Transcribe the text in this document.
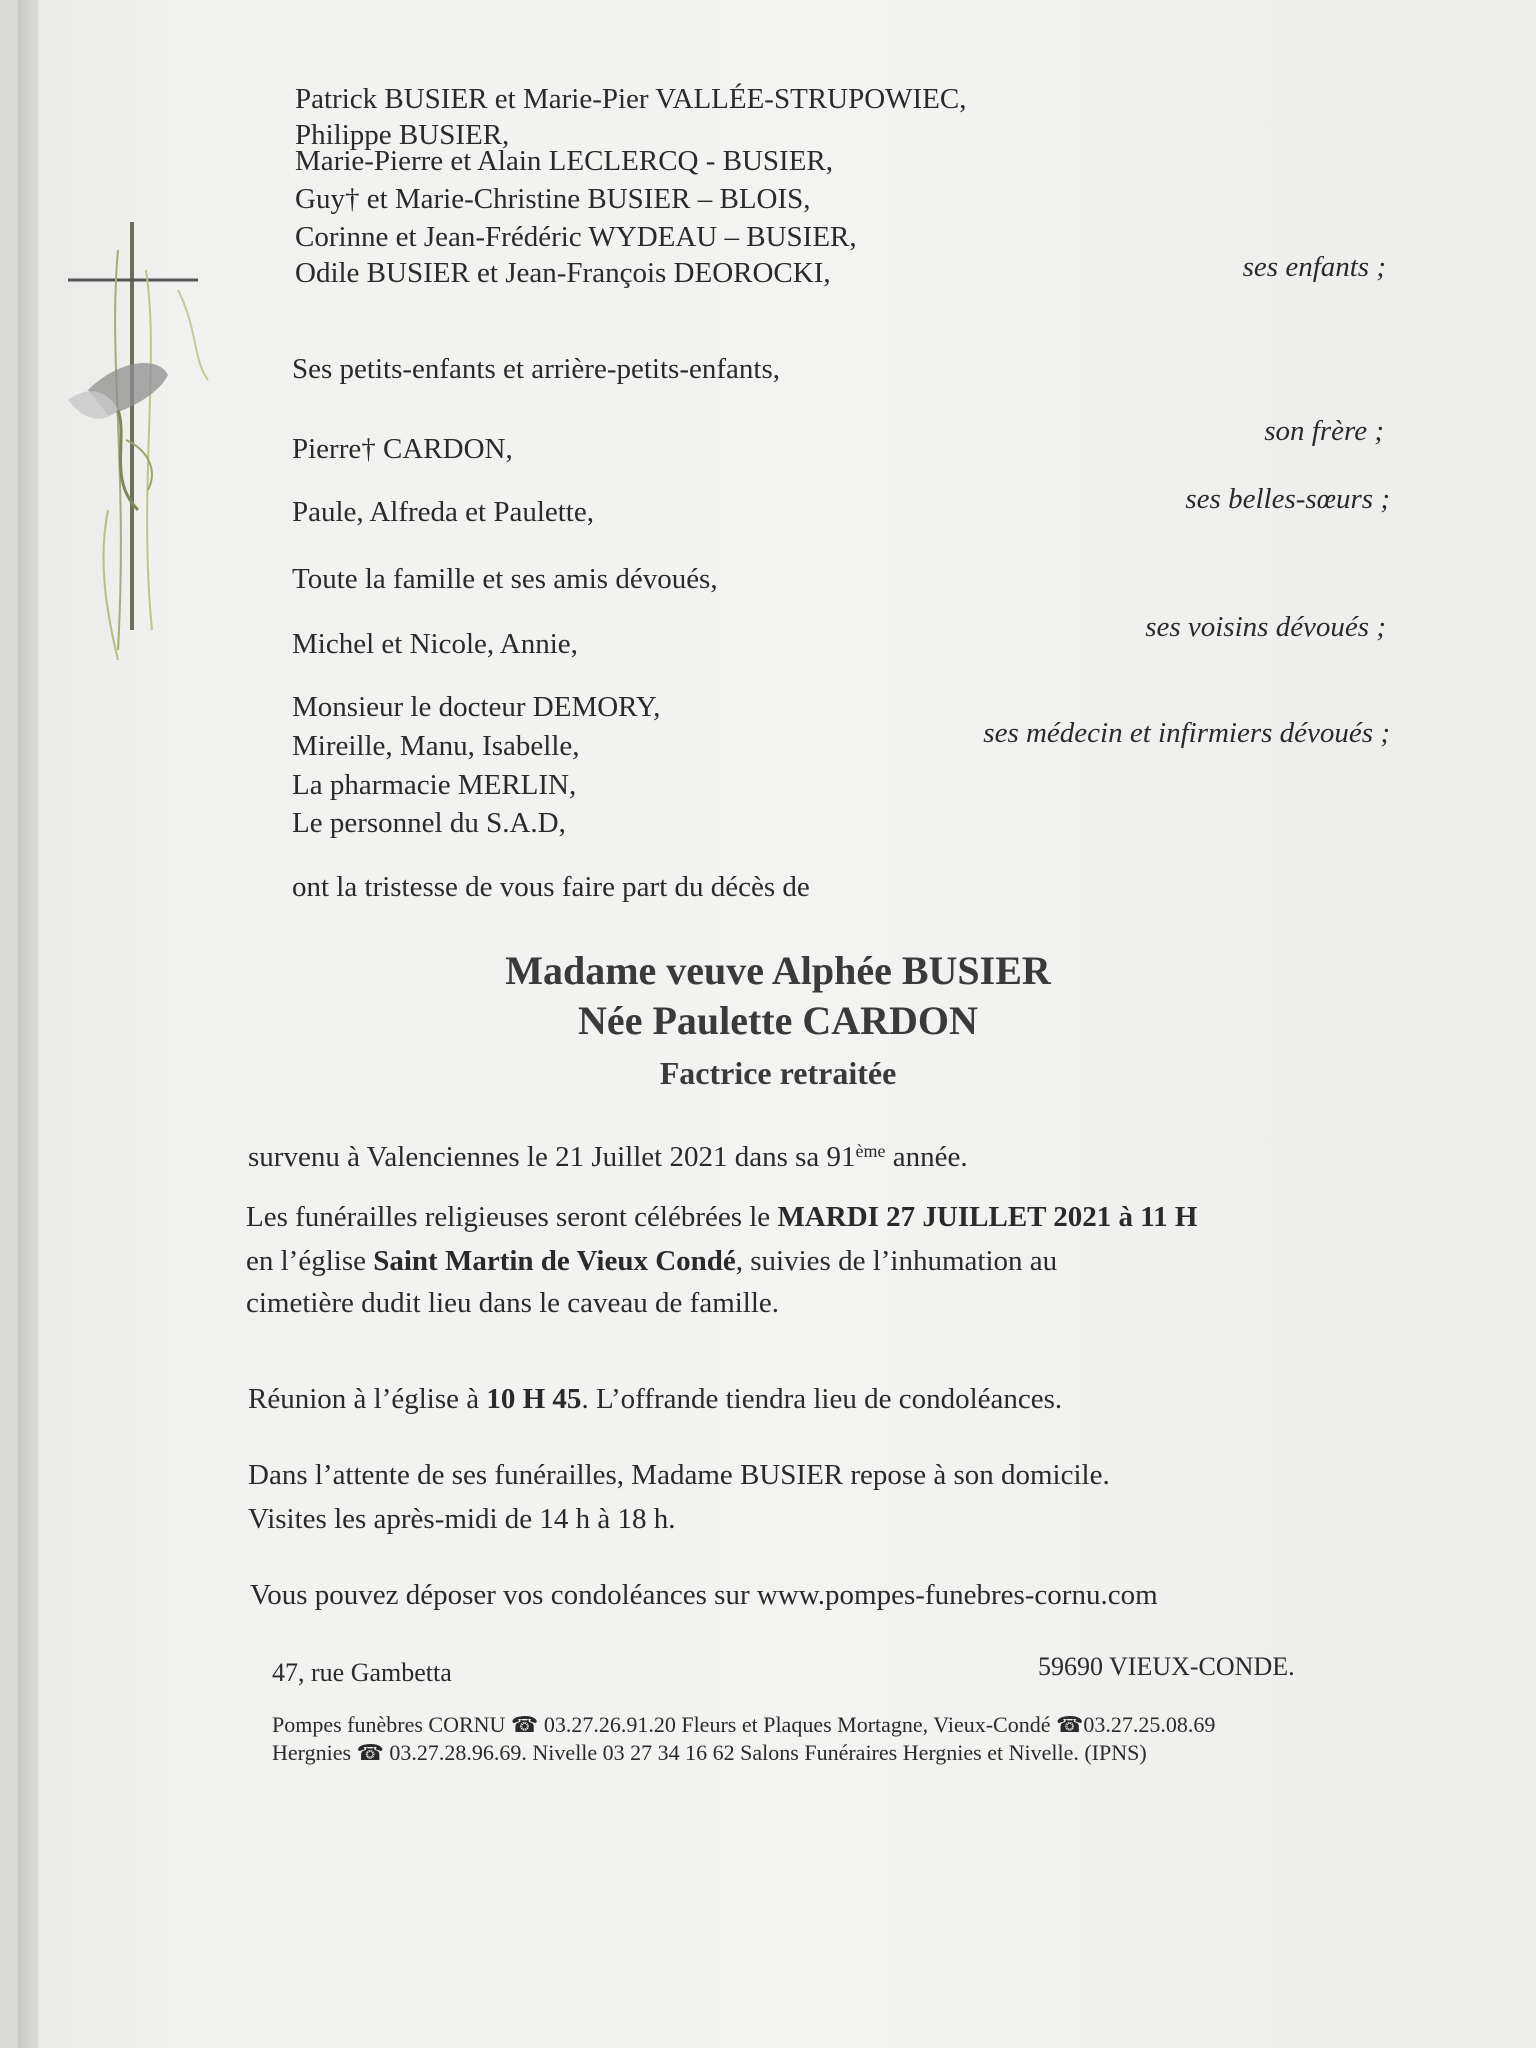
Patrick BUSIER et Marie-Pier VALLÉE-STRUPOWIEC,
Philippe BUSIER,
Marie-Pierre et Alain LECLERCQ - BUSIER,
Guy† et Marie-Christine BUSIER – BLOIS,
Corinne et Jean-Frédéric WYDEAU – BUSIER,
Odile BUSIER et Jean-François DEOROCKI,	ses enfants ;
Ses petits-enfants et arrière-petits-enfants,
Pierre† CARDON,
son frère ;
Paule, Alfreda et Paulette,	ses belles-sœurs ;
Toute la famille et ses amis dévoués,
Michel et Nicole, Annie,
ses voisins dévoués ;
Monsieur le docteur DEMORY,
Mireille, Manu, Isabelle,
La pharmacie MERLIN,
Le personnel du S.A.D,
ses médecin et infirmiers dévoués ;
ont la tristesse de vous faire part du décès de
Madame veuve Alphée BUSIER
Née Paulette CARDON
Factrice retraitée
survenu à Valenciennes le 21 Juillet 2021 dans sa 91ème année.
Les funérailles religieuses seront célébrées le MARDI 27 JUILLET 2021 à 11 H
en l’église Saint Martin de Vieux Condé, suivies de l’inhumation au
cimetière dudit lieu dans le caveau de famille.
Réunion à l’église à 10 H 45. L’offrande tiendra lieu de condoléances.
Dans l’attente de ses funérailles, Madame BUSIER repose à son domicile.
Visites les après-midi de 14 h à 18 h.
Vous pouvez déposer vos condoléances sur www.pompes-funebres-cornu.com
47, rue Gambetta	59690 VIEUX-CONDE.
Pompes funèbres CORNU ☎ 03.27.26.91.20 Fleurs et Plaques Mortagne, Vieux-Condé ☎03.27.25.08.69
Hergnies ☎ 03.27.28.96.69. Nivelle 03 27 34 16 62 Salons Funéraires Hergnies et Nivelle. (IPNS)
